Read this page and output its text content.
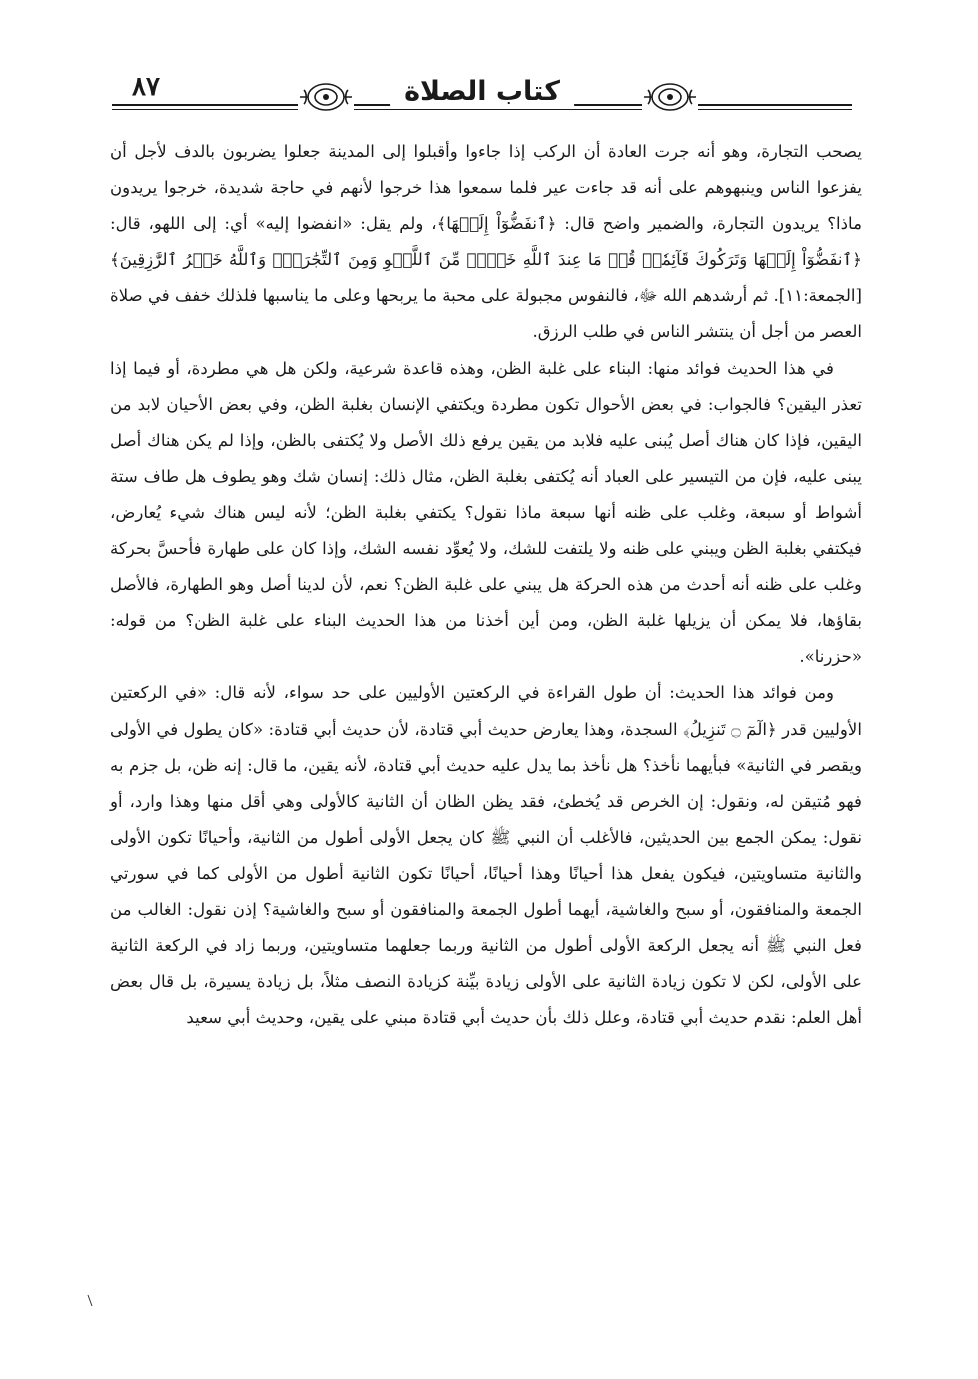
٨٧	كتاب الصلاة

يصحب التجارة، وهو أنه جرت العادة أن الركب إذا جاءوا وأقبلوا إلى المدينة جعلوا يضربون بالدف لأجل أن يفزعوا الناس وينبهوهم على أنه قد جاءت عير فلما سمعوا هذا خرجوا لأنهم في حاجة شديدة، خرجوا يريدون ماذا؟ يريدون التجارة، والضمير واضح قال: ﴿ٱنفَضُّوٓاْ إِلَيۡهَا﴾، ولم يقل: «انفضوا إليه» أي: إلى اللهو، قال: ﴿ٱنفَضُّوٓاْ إِلَيۡهَا وَتَرَكُوكَ قَآئِمٗاۚ قُلۡ مَا عِندَ ٱللَّهِ خَيۡرٞ مِّنَ ٱللَّهۡوِ وَمِنَ ٱلتِّجَٰرَةِۚ وَٱللَّهُ خَيۡرُ ٱلرَّٰزِقِينَ﴾ [الجمعة:١١]. ثم أرشدهم الله ﷻ، فالنفوس مجبولة على محبة ما يربحها وعلى ما يناسبها فلذلك خفف في صلاة العصر من أجل أن ينتشر الناس في طلب الرزق.

في هذا الحديث فوائد منها: البناء على غلبة الظن، وهذه قاعدة شرعية، ولكن هل هي مطردة، أو فيما إذا تعذر اليقين؟ فالجواب: في بعض الأحوال تكون مطردة ويكتفي الإنسان بغلبة الظن، وفي بعض الأحيان لابد من اليقين، فإذا كان هناك أصل يُبنى عليه فلابد من يقين يرفع ذلك الأصل ولا يُكتفى بالظن، وإذا لم يكن هناك أصل يبنى عليه، فإن من التيسير على العباد أنه يُكتفى بغلبة الظن، مثال ذلك: إنسان شك وهو يطوف هل طاف ستة أشواط أو سبعة، وغلب على ظنه أنها سبعة ماذا نقول؟ يكتفي بغلبة الظن؛ لأنه ليس هناك شيء يُعارض، فيكتفي بغلبة الظن ويبني على ظنه ولا يلتفت للشك، ولا يُعوِّد نفسه الشك، وإذا كان على طهارة فأحسَّ بحركة وغلب على ظنه أنه أحدث من هذه الحركة هل يبني على غلبة الظن؟ نعم، لأن لدينا أصل وهو الطهارة، فالأصل بقاؤها، فلا يمكن أن يزيلها غلبة الظن، ومن أين أخذنا من هذا الحديث البناء على غلبة الظن؟ من قوله: «حزرنا».

ومن فوائد هذا الحديث: أن طول القراءة في الركعتين الأوليين على حد سواء، لأنه قال: «في الركعتين الأوليين قدر ﴿الٓمٓ ۝ تَنزِيلُ﴾ السجدة، وهذا يعارض حديث أبي قتادة، لأن حديث أبي قتادة: «كان يطول في الأولى ويقصر في الثانية» فبأيهما نأخذ؟ هل نأخذ بما يدل عليه حديث أبي قتادة، لأنه يقين، ما قال: إنه ظن، بل جزم به فهو مُتيقن له، ونقول: إن الخرص قد يُخطئ، فقد يظن الظان أن الثانية كالأولى وهي أقل منها وهذا وارد، أو نقول: يمكن الجمع بين الحديثين، فالأغلب أن النبي ﷺ كان يجعل الأولى أطول من الثانية، وأحيانًا تكون الأولى والثانية متساويتين، فيكون يفعل هذا أحيانًا وهذا أحيانًا، أحيانًا تكون الثانية أطول من الأولى كما في سورتي الجمعة والمنافقون، أو سبح والغاشية، أيهما أطول الجمعة والمنافقون أو سبح والغاشية؟ إذن نقول: الغالب من فعل النبي ﷺ أنه يجعل الركعة الأولى أطول من الثانية وربما جعلهما متساويتين، وربما زاد في الركعة الثانية على الأولى، لكن لا تكون زيادة الثانية على الأولى زيادة بيِّنة كزيادة النصف مثلاً، بل زيادة يسيرة، بل قال بعض أهل العلم: نقدم حديث أبي قتادة، وعلل ذلك بأن حديث أبي قتادة مبني على يقين، وحديث أبي سعيد
